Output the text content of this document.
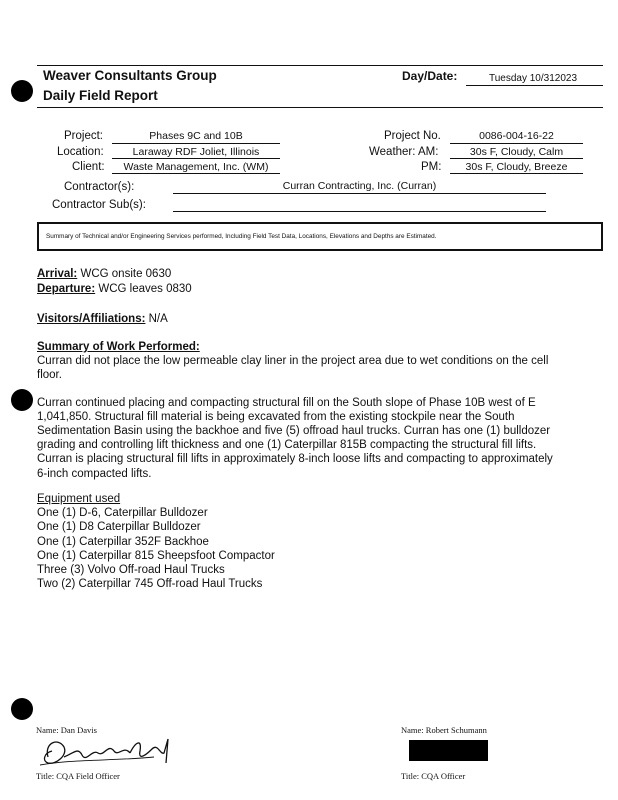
Weaver Consultants Group
Daily Field Report
Day/Date:	Tuesday 10/312023
Project:	Phases 9C and 10B
Location:	Laraway RDF Joliet, Illinois
Client:	Waste Management, Inc. (WM)
Project No.	0086-004-16-22
Weather: AM:	30s F, Cloudy, Calm
PM:	30s F, Cloudy, Breeze
Contractor(s):	Curran Contracting, Inc. (Curran)
Contractor Sub(s):
Summary of Technical and/or Engineering Services performed, Including Field Test Data, Locations, Elevations and Depths are Estimated.
Arrival: WCG onsite 0630
Departure: WCG leaves 0830
Visitors/Affiliations: N/A
Summary of Work Performed:
Curran did not place the low permeable clay liner in the project area due to wet conditions on the cell
floor.
Curran continued placing and compacting structural fill on the South slope of Phase 10B west of E
1,041,850. Structural fill material is being excavated from the existing stockpile near the South
Sedimentation Basin using the backhoe and five (5) offroad haul trucks. Curran has one (1) bulldozer
grading and controlling lift thickness and one (1) Caterpillar 815B compacting the structural fill lifts.
Curran is placing structural fill lifts in approximately 8-inch loose lifts and compacting to approximately
6-inch compacted lifts.
Equipment used
One (1) D-6, Caterpillar Bulldozer
One (1) D8 Caterpillar Bulldozer
One (1) Caterpillar 352F Backhoe
One (1) Caterpillar 815 Sheepsfoot Compactor
Three (3) Volvo Off-road Haul Trucks
Two (2) Caterpillar 745 Off-road Haul Trucks
Name: Dan Davis
Title: CQA Field Officer
Name: Robert Schumann
Title: CQA Officer
